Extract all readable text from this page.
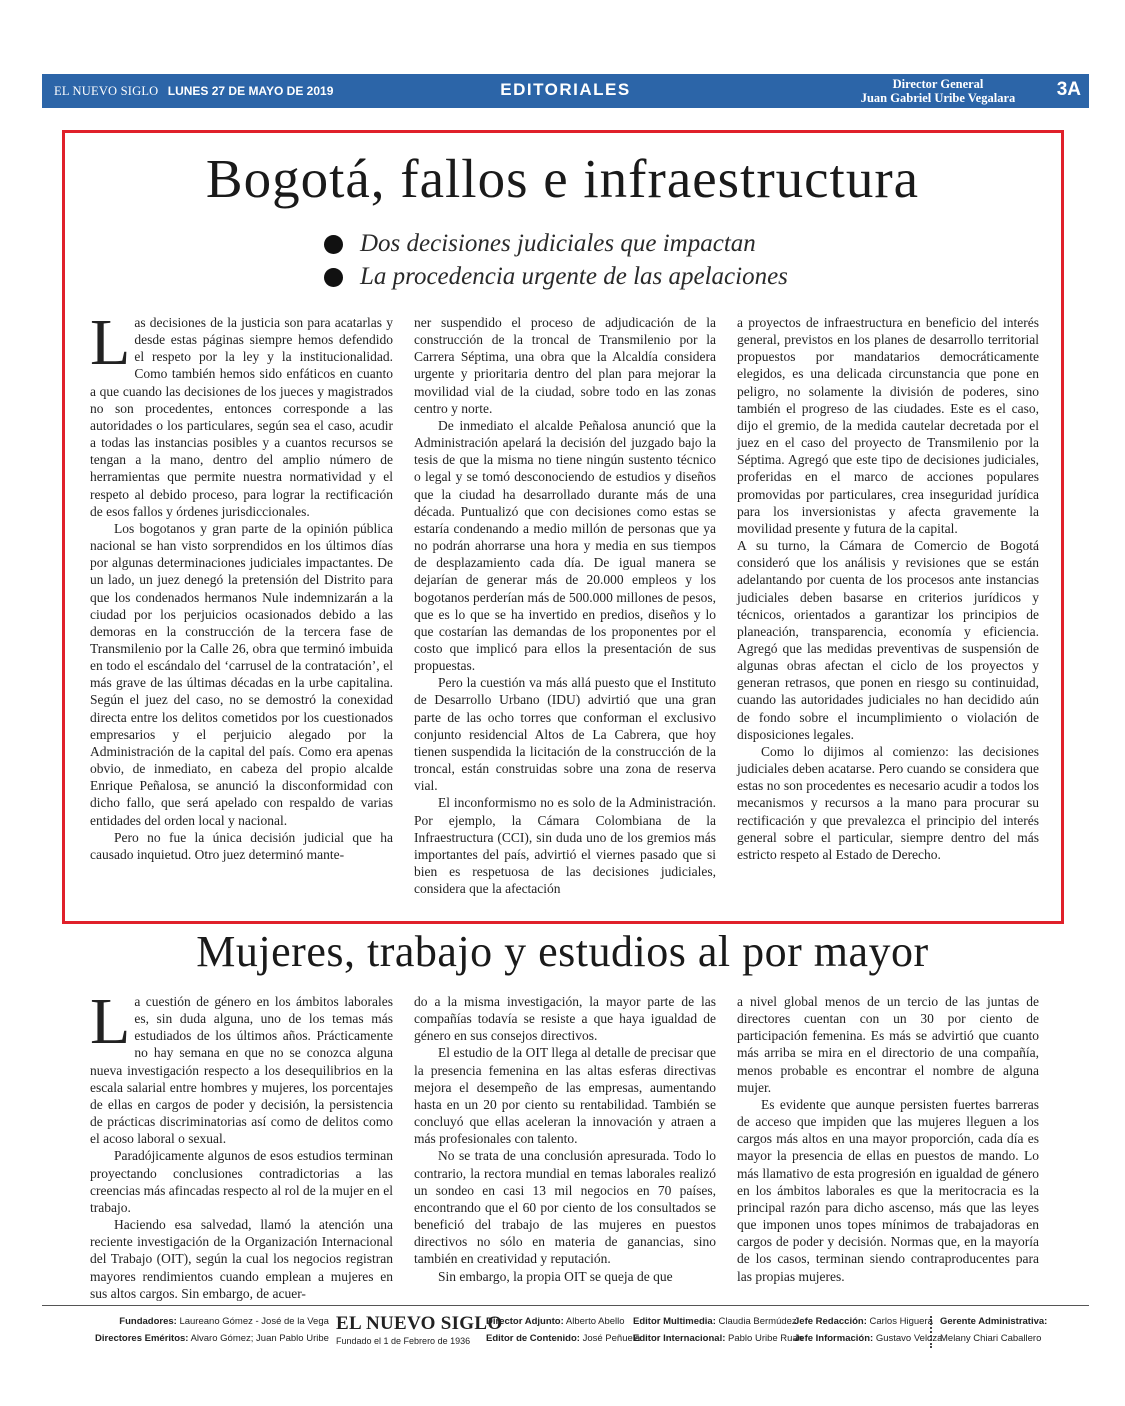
EL NUEVO SIGLO LUNES 27 DE MAYO DE 2019	EDITORIALES	Director General
Juan Gabriel Uribe Vegalara	3A
Bogotá, fallos e infraestructura
Dos decisiones judiciales que impactan
La procedencia urgente de las apelaciones

Las decisiones de la justicia son para acatarlas y desde estas páginas siempre hemos defendido el respeto por la ley y la institucionalidad. Como también hemos sido enfáticos en cuanto a que cuando las decisiones de los jueces y magistrados no son procedentes, entonces corresponde a las autoridades o los particulares, según sea el caso, acudir a todas las instancias posibles y a cuantos recursos se tengan a la mano, dentro del amplio número de herramientas que permite nuestra normatividad y el respeto al debido proceso, para lograr la rectificación de esos fallos y órdenes jurisdiccionales.

Los bogotanos y gran parte de la opinión pública nacional se han visto sorprendidos en los últimos días por algunas determinaciones judiciales impactantes. De un lado, un juez denegó la pretensión del Distrito para que los condenados hermanos Nule indemnizarán a la ciudad por los perjuicios ocasionados debido a las demoras en la construcción de la tercera fase de Transmilenio por la Calle 26, obra que terminó imbuida en todo el escándalo del ‘carrusel de la contratación’, el más grave de las últimas décadas en la urbe capitalina. Según el juez del caso, no se demostró la conexidad directa entre los delitos cometidos por los cuestionados empresarios y el perjuicio alegado por la Administración de la capital del país. Como era apenas obvio, de inmediato, en cabeza del propio alcalde Enrique Peñalosa, se anunció la disconformidad con dicho fallo, que será apelado con respaldo de varias entidades del orden local y nacional.

Pero no fue la única decisión judicial que ha causado inquietud. Otro juez determinó mante-

ner suspendido el proceso de adjudicación de la construcción de la troncal de Transmilenio por la Carrera Séptima, una obra que la Alcaldía considera urgente y prioritaria dentro del plan para mejorar la movilidad vial de la ciudad, sobre todo en las zonas centro y norte.

De inmediato el alcalde Peñalosa anunció que la Administración apelará la decisión del juzgado bajo la tesis de que la misma no tiene ningún sustento técnico o legal y se tomó desconociendo de estudios y diseños que la ciudad ha desarrollado durante más de una década. Puntualizó que con decisiones como estas se estaría condenando a medio millón de personas que ya no podrán ahorrarse una hora y media en sus tiempos de desplazamiento cada día. De igual manera se dejarían de generar más de 20.000 empleos y los bogotanos perderían más de 500.000 millones de pesos, que es lo que se ha invertido en predios, diseños y lo que costarían las demandas de los proponentes por el costo que implicó para ellos la presentación de sus propuestas.

Pero la cuestión va más allá puesto que el Instituto de Desarrollo Urbano (IDU) advirtió que una gran parte de las ocho torres que conforman el exclusivo conjunto residencial Altos de La Cabrera, que hoy tienen suspendida la licitación de la construcción de la troncal, están construidas sobre una zona de reserva vial.

El inconformismo no es solo de la Administración. Por ejemplo, la Cámara Colombiana de la Infraestructura (CCI), sin duda uno de los gremios más importantes del país, advirtió el viernes pasado que si bien es respetuosa de las decisiones judiciales, considera que la afectación

a proyectos de infraestructura en beneficio del interés general, previstos en los planes de desarrollo territorial propuestos por mandatarios democráticamente elegidos, es una delicada circunstancia que pone en peligro, no solamente la división de poderes, sino también el progreso de las ciudades. Este es el caso, dijo el gremio, de la medida cautelar decretada por el juez en el caso del proyecto de Transmilenio por la Séptima. Agregó que este tipo de decisiones judiciales, proferidas en el marco de acciones populares promovidas por particulares, crea inseguridad jurídica para los inversionistas y afecta gravemente la movilidad presente y futura de la capital.

A su turno, la Cámara de Comercio de Bogotá consideró que los análisis y revisiones que se están adelantando por cuenta de los procesos ante instancias judiciales deben basarse en criterios jurídicos y técnicos, orientados a garantizar los principios de planeación, transparencia, economía y eficiencia. Agregó que las medidas preventivas de suspensión de algunas obras afectan el ciclo de los proyectos y generan retrasos, que ponen en riesgo su continuidad, cuando las autoridades judiciales no han decidido aún de fondo sobre el incumplimiento o violación de disposiciones legales.

Como lo dijimos al comienzo: las decisiones judiciales deben acatarse. Pero cuando se considera que estas no son procedentes es necesario acudir a todos los mecanismos y recursos a la mano para procurar su rectificación y que prevalezca el principio del interés general sobre el particular, siempre dentro del más estricto respeto al Estado de Derecho.

Mujeres, trabajo y estudios al por mayor

La cuestión de género en los ámbitos laborales es, sin duda alguna, uno de los temas más estudiados de los últimos años. Prácticamente no hay semana en que no se conozca alguna nueva investigación respecto a los desequilibrios en la escala salarial entre hombres y mujeres, los porcentajes de ellas en cargos de poder y decisión, la persistencia de prácticas discriminatorias así como de delitos como el acoso laboral o sexual.

Paradójicamente algunos de esos estudios terminan proyectando conclusiones contradictorias a las creencias más afincadas respecto al rol de la mujer en el trabajo.

Haciendo esa salvedad, llamó la atención una reciente investigación de la Organización Internacional del Trabajo (OIT), según la cual los negocios registran mayores rendimientos cuando emplean a mujeres en sus altos cargos. Sin embargo, de acuer-

do a la misma investigación, la mayor parte de las compañías todavía se resiste a que haya igualdad de género en sus consejos directivos.

El estudio de la OIT llega al detalle de precisar que la presencia femenina en las altas esferas directivas mejora el desempeño de las empresas, aumentando hasta en un 20 por ciento su rentabilidad. También se concluyó que ellas aceleran la innovación y atraen a más profesionales con talento.

No se trata de una conclusión apresurada. Todo lo contrario, la rectora mundial en temas laborales realizó un sondeo en casi 13 mil negocios en 70 países, encontrando que el 60 por ciento de los consultados se benefició del trabajo de las mujeres en puestos directivos no sólo en materia de ganancias, sino también en creatividad y reputación.

Sin embargo, la propia OIT se queja de que

a nivel global menos de un tercio de las juntas de directores cuentan con un 30 por ciento de participación femenina. Es más se advirtió que cuanto más arriba se mira en el directorio de una compañía, menos probable es encontrar el nombre de alguna mujer.

Es evidente que aunque persisten fuertes barreras de acceso que impiden que las mujeres lleguen a los cargos más altos en una mayor proporción, cada día es mayor la presencia de ellas en puestos de mando. Lo más llamativo de esta progresión en igualdad de género en los ámbitos laborales es que la meritocracia es la principal razón para dicho ascenso, más que las leyes que imponen unos topes mínimos de trabajadoras en cargos de poder y decisión. Normas que, en la mayoría de los casos, terminan siendo contraproducentes para las propias mujeres.

Fundadores: Laureano Gómez - José de la Vega
Directores Eméritos: Alvaro Gómez; Juan Pablo Uribe
EL NUEVO SIGLO
Fundado el 1 de Febrero de 1936
Director Adjunto: Alberto Abello
Editor de Contenido: José Peñuela
Editor Multimedia: Claudia Bermúdez
Editor Internacional: Pablo Uribe Ruan
Jefe Redacción: Carlos Higuera
Jefe Información: Gustavo Veloza
Gerente Administrativa:
Melany Chiari Caballero
